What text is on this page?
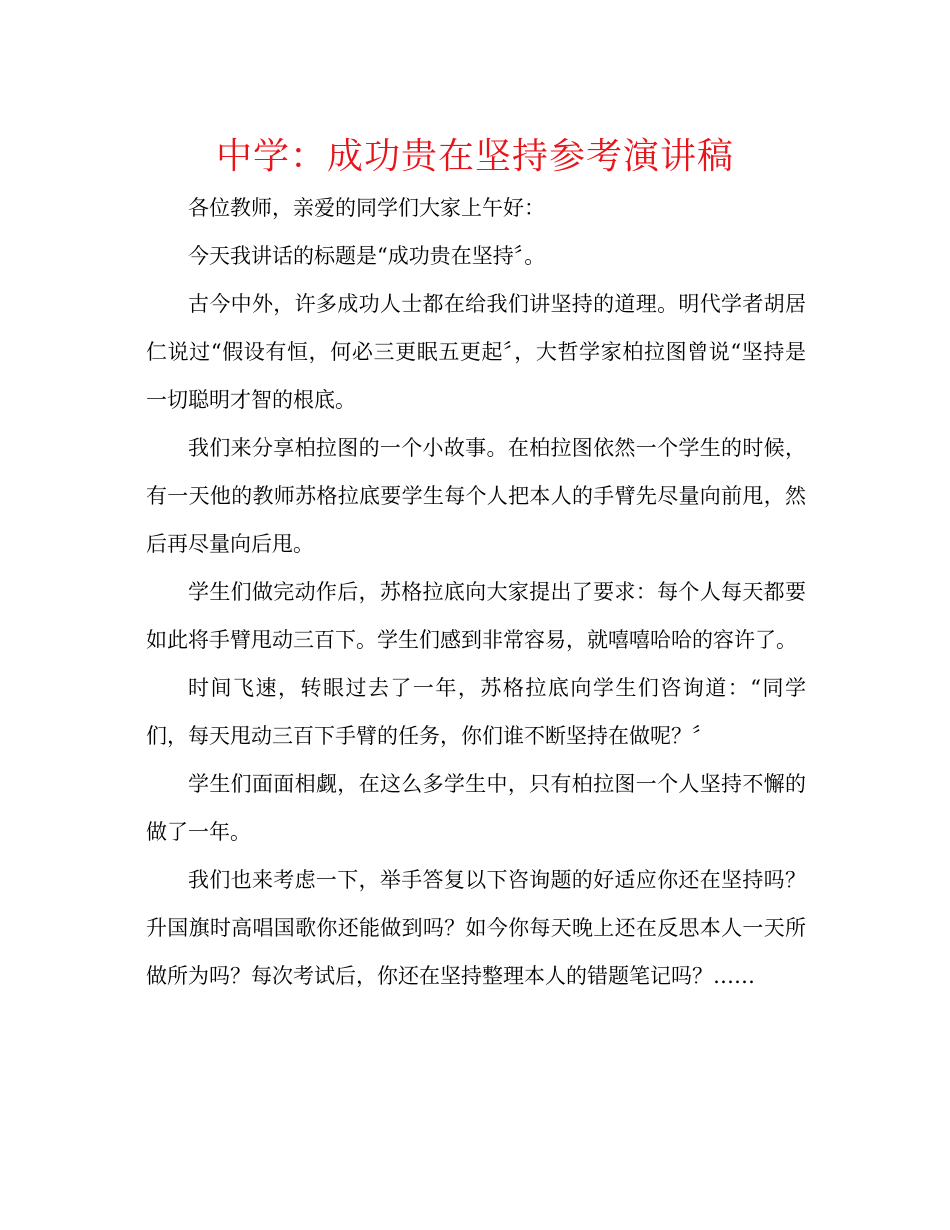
中学：成功贵在坚持参考演讲稿

各位教师，亲爱的同学们大家上午好：

今天我讲话的标题是“成功贵在坚持〞。

古今中外，许多成功人士都在给我们讲坚持的道理。明代学者胡居仁说过“假设有恒，何必三更眠五更起〞，大哲学家柏拉图曾说“坚持是一切聪明才智的根底。

我们来分享柏拉图的一个小故事。在柏拉图依然一个学生的时候，有一天他的教师苏格拉底要学生每个人把本人的手臂先尽量向前甩，然后再尽量向后甩。

学生们做完动作后，苏格拉底向大家提出了要求：每个人每天都要如此将手臂甩动三百下。学生们感到非常容易，就嘻嘻哈哈的容许了。

时间飞速，转眼过去了一年，苏格拉底向学生们咨询道：“同学们，每天甩动三百下手臂的任务，你们谁不断坚持在做呢？〞

学生们面面相觑，在这么多学生中，只有柏拉图一个人坚持不懈的做了一年。

我们也来考虑一下，举手答复以下咨询题的好适应你还在坚持吗？升国旗时高唱国歌你还能做到吗？如今你每天晚上还在反思本人一天所做所为吗？每次考试后，你还在坚持整理本人的错题笔记吗？……
